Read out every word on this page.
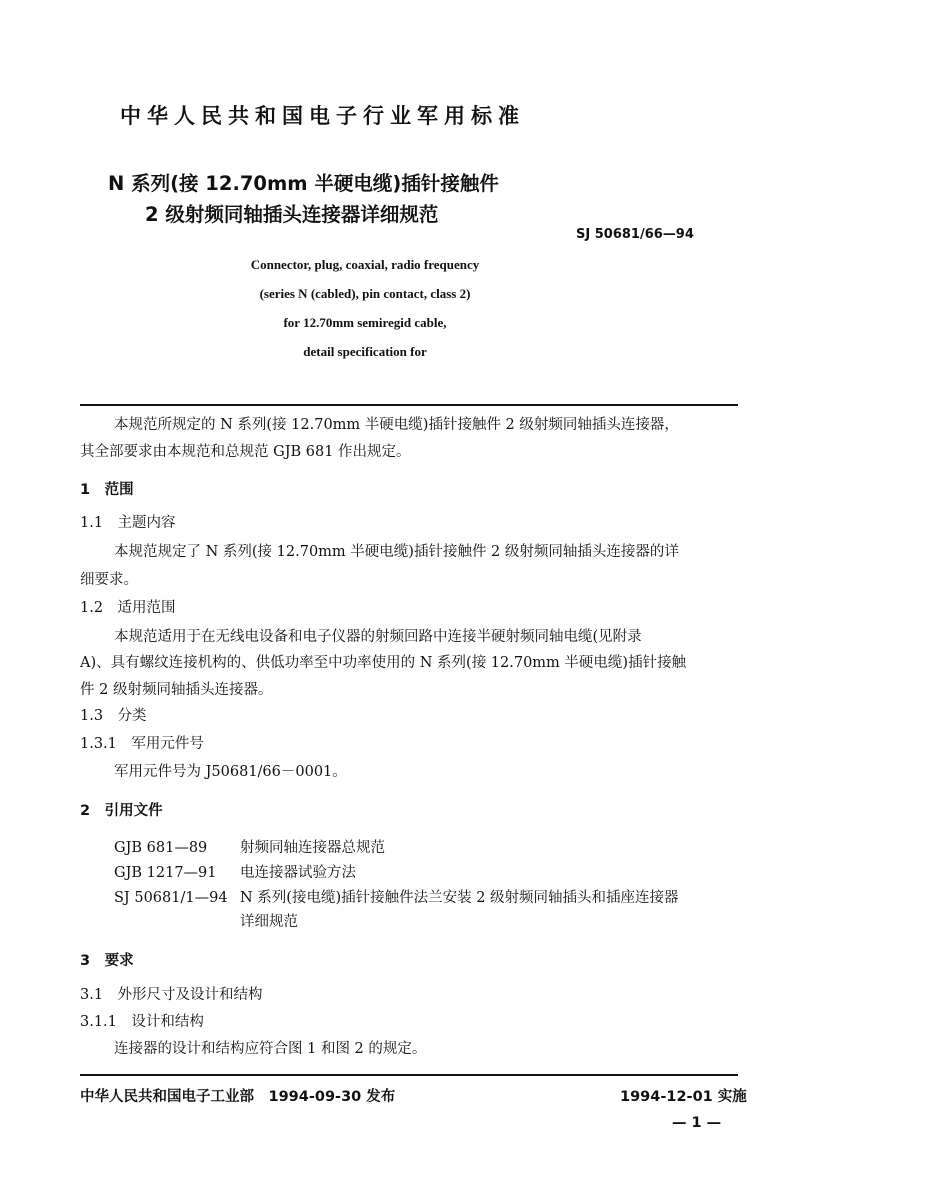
中华人民共和国电子行业军用标准
N 系列(接 12.70mm 半硬电缆)插针接触件
2 级射频同轴插头连接器详细规范
SJ 50681/66—94
Connector, plug, coaxial, radio frequency
(series N (cabled), pin contact, class 2)
for 12.70mm semiregid cable,
detail specification for
本规范所规定的 N 系列(接 12.70mm 半硬电缆)插针接触件 2 级射频同轴插头连接器，
其全部要求由本规范和总规范 GJB 681 作出规定。
1　范围
1.1　主题内容
本规范规定了 N 系列(接 12.70mm 半硬电缆)插针接触件 2 级射频同轴插头连接器的详
细要求。
1.2　适用范围
本规范适用于在无线电设备和电子仪器的射频回路中连接半硬射频同轴电缆(见附录
A)、具有螺纹连接机构的、供低功率至中功率使用的 N 系列(接 12.70mm 半硬电缆)插针接触
件 2 级射频同轴插头连接器。
1.3　分类
1.3.1　军用元件号
军用元件号为 J50681/66－0001。
2　引用文件
GJB 681—89 射频同轴连接器总规范
GJB 1217—91 电连接器试验方法
SJ 50681/1—94 N 系列(接电缆)插针接触件法兰安装 2 级射频同轴插头和插座连接器
详细规范
3　要求
3.1　外形尺寸及设计和结构
3.1.1　设计和结构
连接器的设计和结构应符合图 1 和图 2 的规定。
中华人民共和国电子工业部　1994-09-30 发布	1994-12-01 实施
— 1 —
